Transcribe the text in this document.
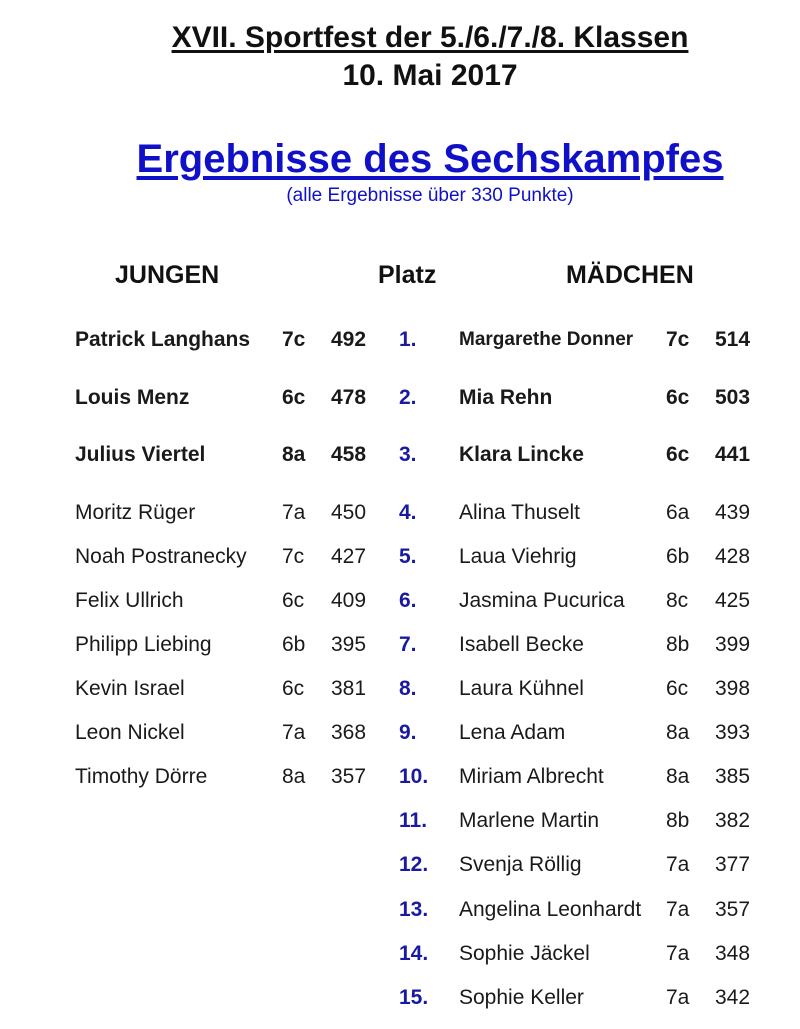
XVII. Sportfest der 5./6./7./8. Klassen
10. Mai 2017
Ergebnisse des Sechskampfes
(alle Ergebnisse über 330 Punkte)
JUNGEN	Platz	MÄDCHEN
Patrick Langhans 7c 492 1. Margarethe Donner 7c 514
Louis Menz	6c 478 2. Mia Rehn	6c 503
Julius Viertel	8a 458 3. Klara Lincke	6c 441
Moritz Rüger	7a 450 4. Alina Thuselt	6a 439
Noah Postranecky 7c 427 5. Laua Viehrig	6b 428
Felix Ullrich	6c 409 6. Jasmina Pucurica 8c 425
Philipp Liebing	6b 395 7. Isabell Becke	8b 399
Kevin Israel	6c 381 8. Laura Kühnel	6c 398
Leon Nickel	7a 368 9. Lena Adam	8a 393
Timothy Dörre	8a 357 10. Miriam Albrecht	8a 385
11. Marlene Martin	8b 382
12. Svenja Röllig	7a 377
13. Angelina Leonhardt 7a 357
14. Sophie Jäckel	7a 348
15. Sophie Keller	7a 342
